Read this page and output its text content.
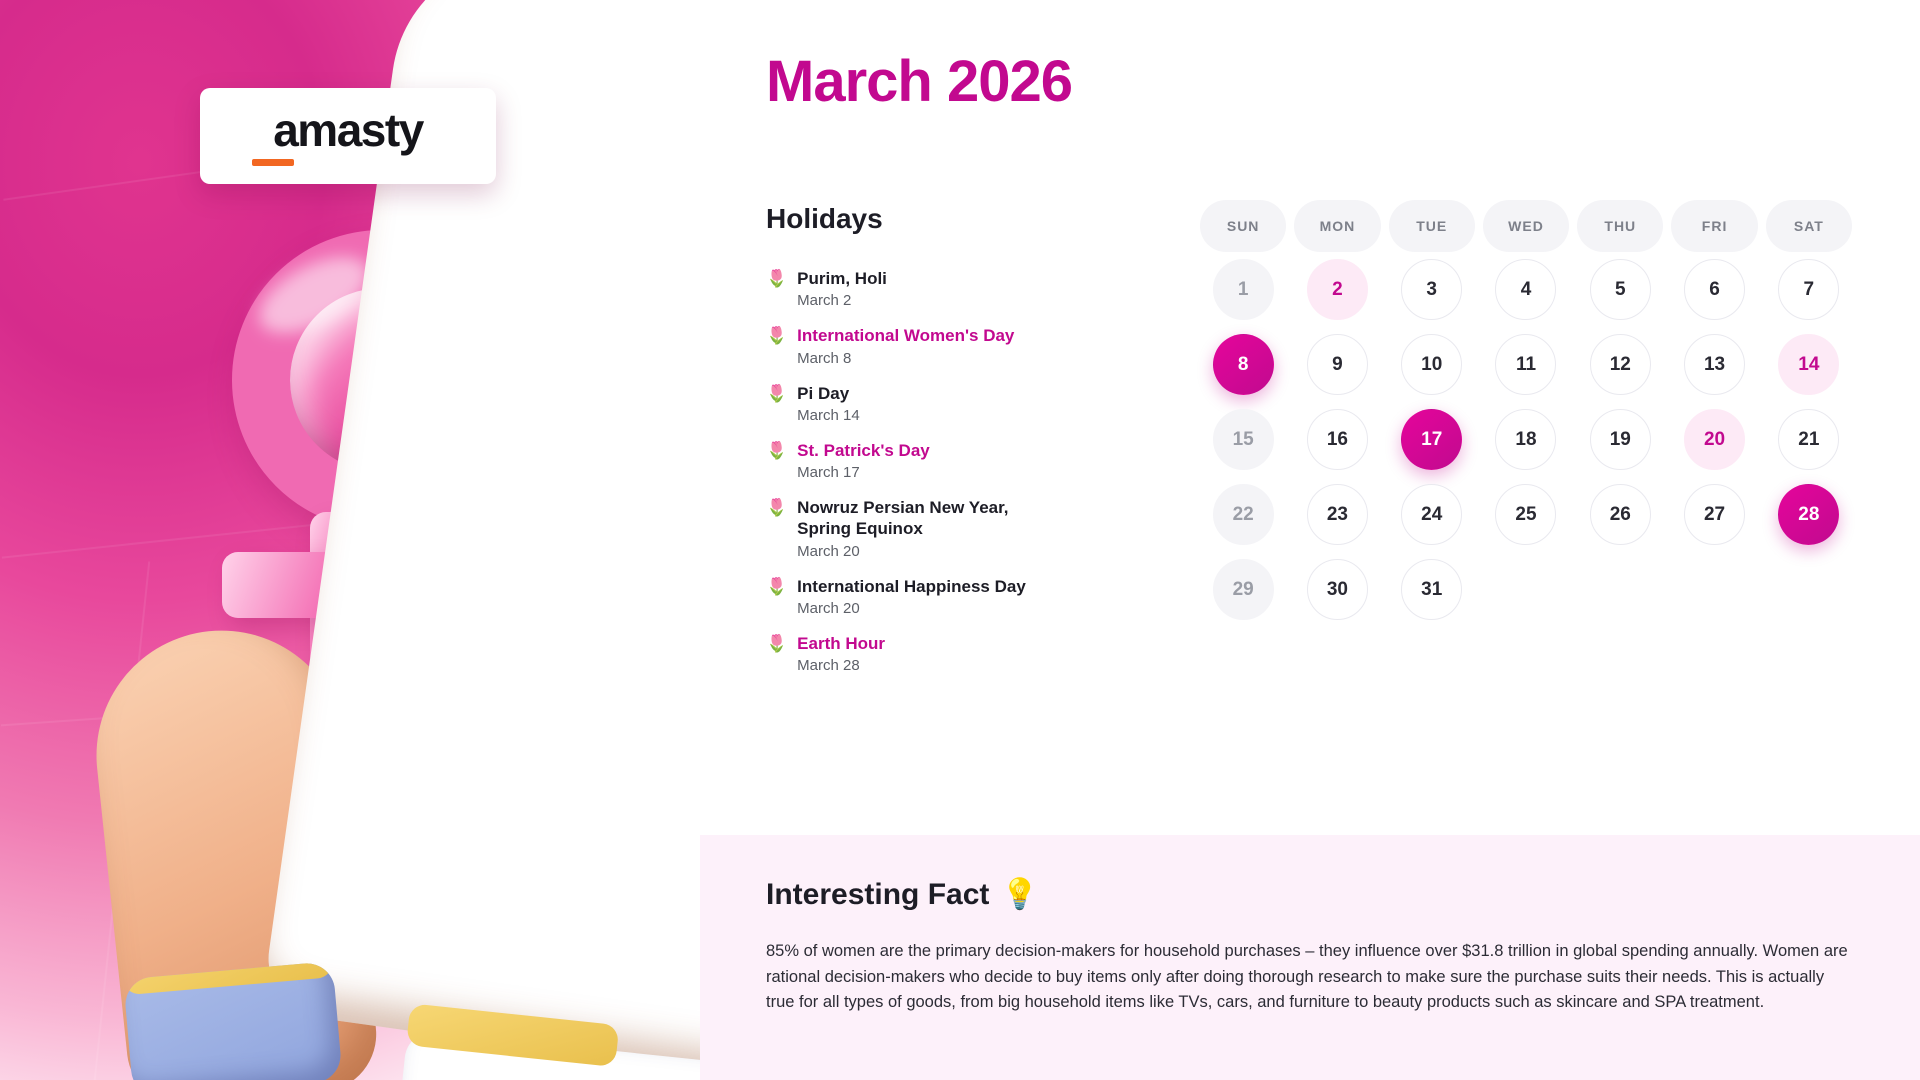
amasty
March 2026
Holidays
🌷 Purim, Holi
March 2
🌷 International Women's Day
March 8
🌷 Pi Day
March 14
🌷 St. Patrick's Day
March 17
🌷 Nowruz Persian New Year, Spring Equinox
March 20
🌷 International Happiness Day
March 20
🌷 Earth Hour
March 28
SUN	MON	TUE	WED	THU	FRI	SAT
1	2	3	4	5	6	7
8	9	10	11	12	13	14
15	16	17	18	19	20	21
22	23	24	25	26	27	28
29	30	31
Interesting Fact 💡
85% of women are the primary decision-makers for household purchases – they influence over $31.8 trillion in global spending annually. Women are rational decision-makers who decide to buy items only after doing thorough research to make sure the purchase suits their needs. This is actually true for all types of goods, from big household items like TVs, cars, and furniture to beauty products such as skincare and SPA treatment.
